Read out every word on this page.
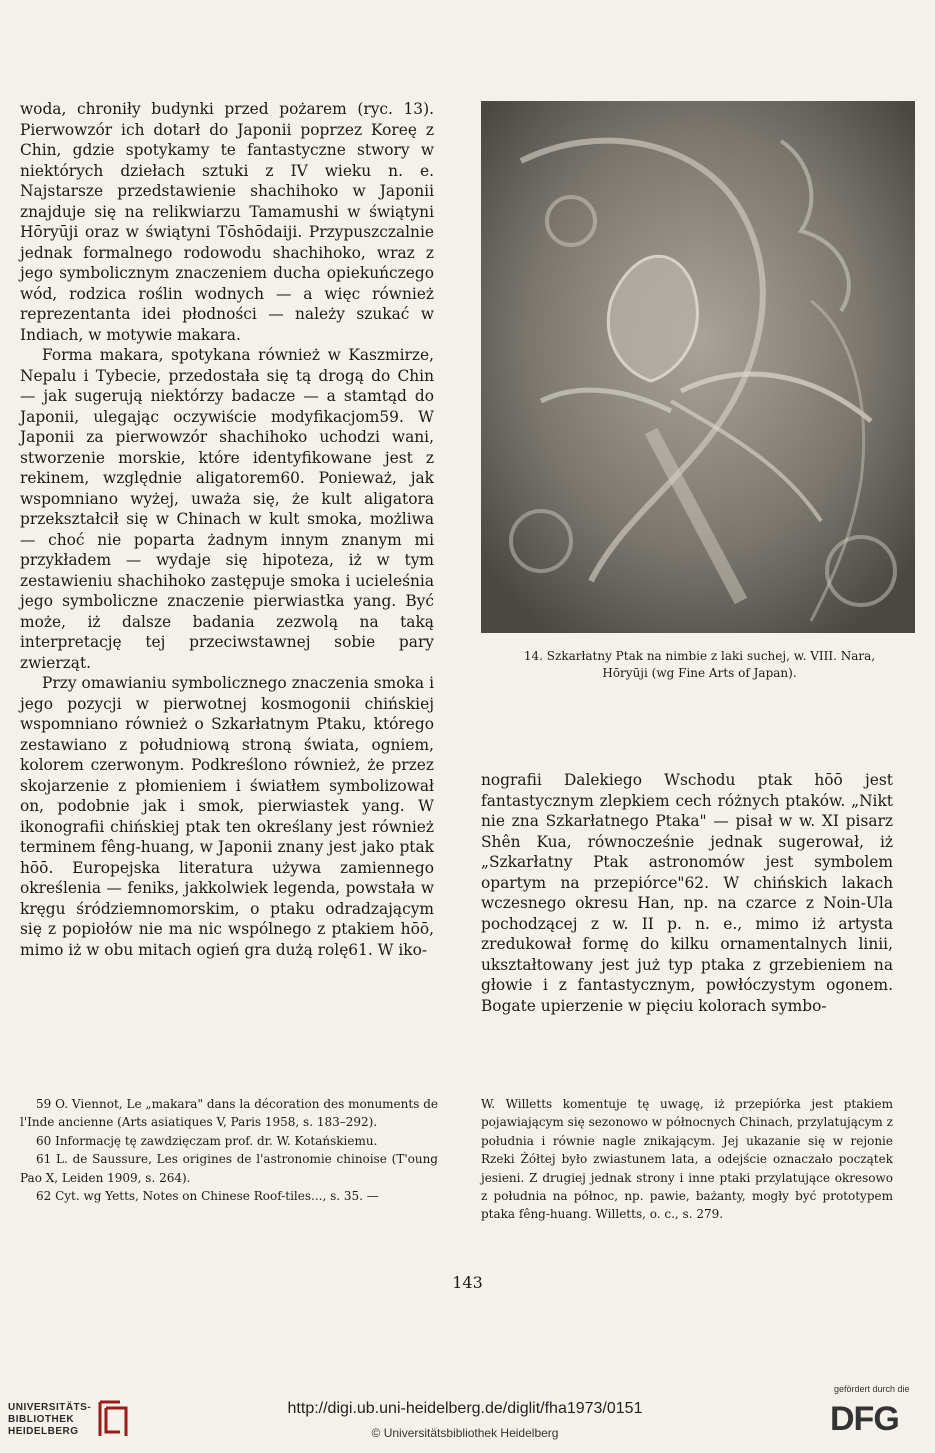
woda, chroniły budynki przed pożarem (ryc. 13). Pierwowzór ich dotarł do Japonii poprzez Koreę z Chin, gdzie spotykamy te fantastyczne stwory w niektórych dziełach sztuki z IV wieku n. e. Najstarsze przedstawienie shachihoko w Japonii znajduje się na relikwiarzu Tamamushi w świątyni Hōryūji oraz w świątyni Tōshōdaiji. Przypuszczalnie jednak formalnego rodowodu shachihoko, wraz z jego symbolicznym znaczeniem ducha opiekuńczego wód, rodzica roślin wodnych — a więc również reprezentanta idei płodności — należy szukać w Indiach, w motywie makara.

Forma makara, spotykana również w Kaszmirze, Nepalu i Tybecie, przedostała się tą drogą do Chin — jak sugerują niektórzy badacze — a stamtąd do Japonii, ulegając oczywiście modyfikacjom59. W Japonii za pierwowzór shachihoko uchodzi wani, stworzenie morskie, które identyfikowane jest z rekinem, względnie aligatorem60. Ponieważ, jak wspomniano wyżej, uważa się, że kult aligatora przekształcił się w Chinach w kult smoka, możliwa — choć nie poparta żadnym innym znanym mi przykładem — wydaje się hipoteza, iż w tym zestawieniu shachihoko zastępuje smoka i ucieleśnia jego symboliczne znaczenie pierwiastka yang. Być może, iż dalsze badania zezwolą na taką interpretację tej przeciwstawnej sobie pary zwierząt.

Przy omawianiu symbolicznego znaczenia smoka i jego pozycji w pierwotnej kosmogonii chińskiej wspomniano również o Szkarłatnym Ptaku, którego zestawiano z południową stroną świata, ogniem, kolorem czerwonym. Podkreślono również, że przez skojarzenie z płomieniem i światłem symbolizował on, podobnie jak i smok, pierwiastek yang. W ikonografii chińskiej ptak ten określany jest również terminem fêng-huang, w Japonii znany jest jako ptak hōō. Europejska literatura używa zamiennego określenia — feniks, jakkolwiek legenda, powstała w kręgu śródziemnomorskim, o ptaku odradzającym się z popiołów nie ma nic wspólnego z ptakiem hōō, mimo iż w obu mitach ogień gra dużą rolę61. W iko-

14. Szkarłatny Ptak na nimbie z laki suchej, w. VIII. Nara,
Hōryūji (wg Fine Arts of Japan).

nografii Dalekiego Wschodu ptak hōō jest fantastycznym zlepkiem cech różnych ptaków. „Nikt nie zna Szkarłatnego Ptaka" — pisał w w. XI pisarz Shên Kua, równocześnie jednak sugerował, iż „Szkarłatny Ptak astronomów jest symbolem opartym na przepiórce"62. W chińskich lakach wczesnego okresu Han, np. na czarce z Noin-Ula pochodzącej z w. II p. n. e., mimo iż artysta zredukował formę do kilku ornamentalnych linii, ukształtowany jest już typ ptaka z grzebieniem na głowie i z fantastycznym, powłóczystym ogonem. Bogate upierzenie w pięciu kolorach symbo-

59 O. Viennot, Le „makara" dans la décoration des monuments de l'Inde ancienne (Arts asiatiques V, Paris 1958, s. 183–292).

60 Informację tę zawdzięczam prof. dr. W. Kotańskiemu.

61 L. de Saussure, Les origines de l'astronomie chinoise (T'oung Pao X, Leiden 1909, s. 264).

62 Cyt. wg Yetts, Notes on Chinese Roof-tiles..., s. 35. —

W. Willetts komentuje tę uwagę, iż przepiórka jest ptakiem pojawiającym się sezonowo w północnych Chinach, przylatującym z południa i równie nagle znikającym. Jej ukazanie się w rejonie Rzeki Żółtej było zwiastunem lata, a odejście oznaczało początek jesieni. Z drugiej jednak strony i inne ptaki przylatujące okresowo z południa na północ, np. pawie, bażanty, mogły być prototypem ptaka fêng-huang. Willetts, o. c., s. 279.

143
UNIVERSITÄTS-
BIBLIOTHEK
HEIDELBERG
http://digi.ub.uni-heidelberg.de/diglit/fha1973/0151
© Universitätsbibliothek Heidelberg
gefördert durch die
DFG
